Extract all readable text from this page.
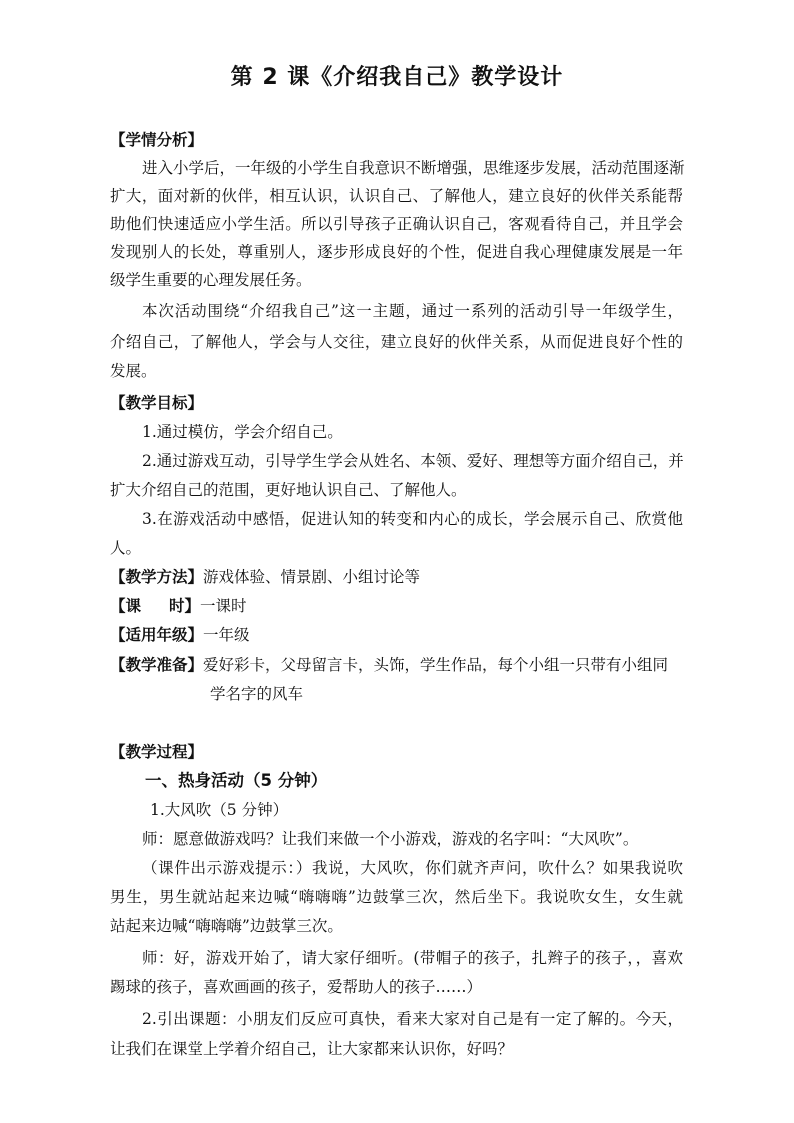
第 2 课《介绍我自己》教学设计
【学情分析】
进入小学后，一年级的小学生自我意识不断增强，思维逐步发展，活动范围逐渐
扩大，面对新的伙伴，相互认识，认识自己、了解他人，建立良好的伙伴关系能帮
助他们快速适应小学生活。所以引导孩子正确认识自己，客观看待自己，并且学会
发现别人的长处，尊重别人，逐步形成良好的个性，促进自我心理健康发展是一年
级学生重要的心理发展任务。
本次活动围绕“介绍我自己”这一主题，通过一系列的活动引导一年级学生，
介绍自己，了解他人，学会与人交往，建立良好的伙伴关系，从而促进良好个性的
发展。
【教学目标】
1.通过模仿，学会介绍自己。
2.通过游戏互动，引导学生学会从姓名、本领、爱好、理想等方面介绍自己，并
扩大介绍自己的范围，更好地认识自己、了解他人。
3.在游戏活动中感悟，促进认知的转变和内心的成长，学会展示自己、欣赏他
人。
【教学方法】游戏体验、情景剧、小组讨论等
【课 时】一课时
【适用年级】一年级
【教学准备】爱好彩卡，父母留言卡，头饰，学生作品，每个小组一只带有小组同
学名字的风车
【教学过程】
一、热身活动（5 分钟）
1.大风吹（5 分钟）
师：愿意做游戏吗？让我们来做一个小游戏，游戏的名字叫：“大风吹”。
（课件出示游戏提示：）我说，大风吹，你们就齐声问，吹什么？如果我说吹
男生，男生就站起来边喊“嗨嗨嗨”边鼓掌三次，然后坐下。我说吹女生，女生就
站起来边喊“嗨嗨嗨”边鼓掌三次。
师：好，游戏开始了，请大家仔细听。(带帽子的孩子，扎辫子的孩子，，喜欢
踢球的孩子，喜欢画画的孩子，爱帮助人的孩子……）
2.引出课题：小朋友们反应可真快，看来大家对自己是有一定了解的。今天，
让我们在课堂上学着介绍自己，让大家都来认识你，好吗？
